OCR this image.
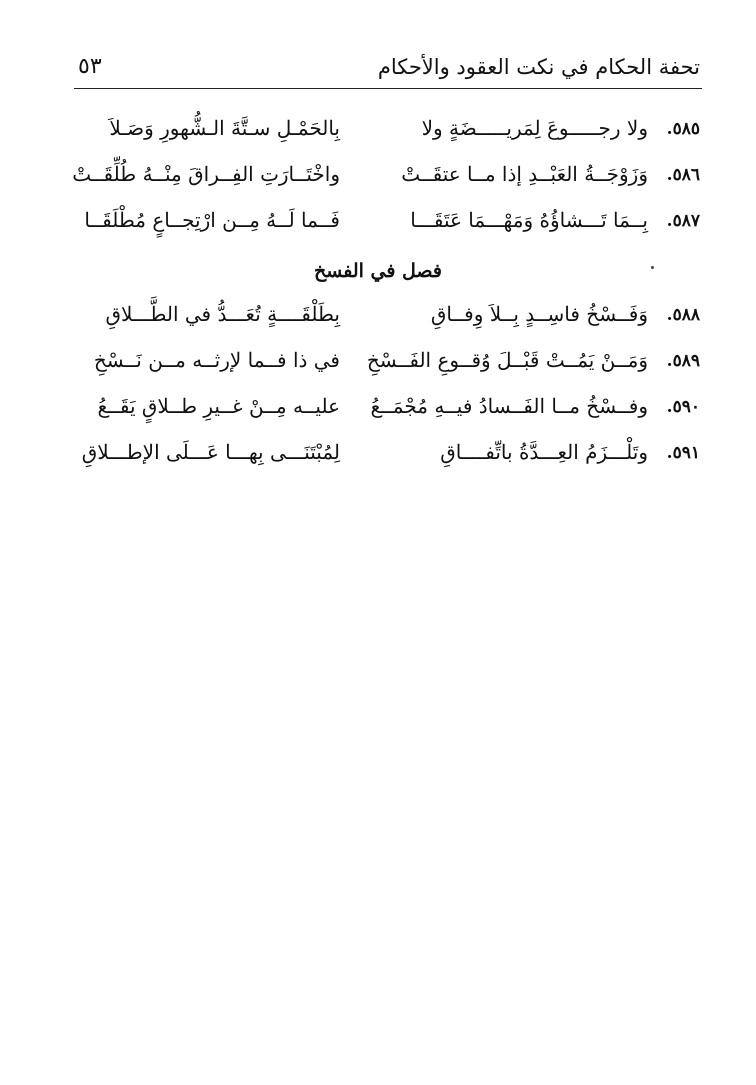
تحفة الحكام في نكت العقود والأحكام
٥٣
٥٨٥.
ولا رجـــــوعَ لِمَريـــــضَةٍ ولا
بِالحَمْـلِ سـتَّةَ الـشُّهورِ وَصَـلاَ
٥٨٦.
وَزَوْجَــةُ العَبْــدِ إذا مــا عتقَــتْ
واخْتَــارَتِ الفِــراقَ مِنْــهُ طُلِّقَــتْ
٥٨٧.
بِــمَا تَـــشاؤُهُ وَمَهْـــمَا عَتَقَـــا
فَــما لَــهُ مِــن ارْتِجــاعٍ مُطْلَقَــا
فصل في الفسخ
٥٨٨.
وَفَــسْخُ فاسِــدٍ بِــلاَ وِفــاقِ
بِطَلْقَــــةٍ تُعَـــدُّ في الطَّـــلاقِ
٥٨٩.
وَمَــنْ يَمُــتْ قَبْــلَ وُقــوعِ الفَــسْخِ
في ذا فــما لإرثــه مــن نَــسْخِ
٥٩٠.
وفــسْخُ مــا الفَــسادُ فيــهِ مُجْمَــعُ
عليــه مِــنْ غــيرِ طــلاقٍ يَقَــعُ
٥٩١.
وتَلْـــزَمُ العِـــدَّةُ باتِّفــــاقِ
لِمُبْتَنَـــى بِهـــا عَـــلَى الإطـــلاقِ
